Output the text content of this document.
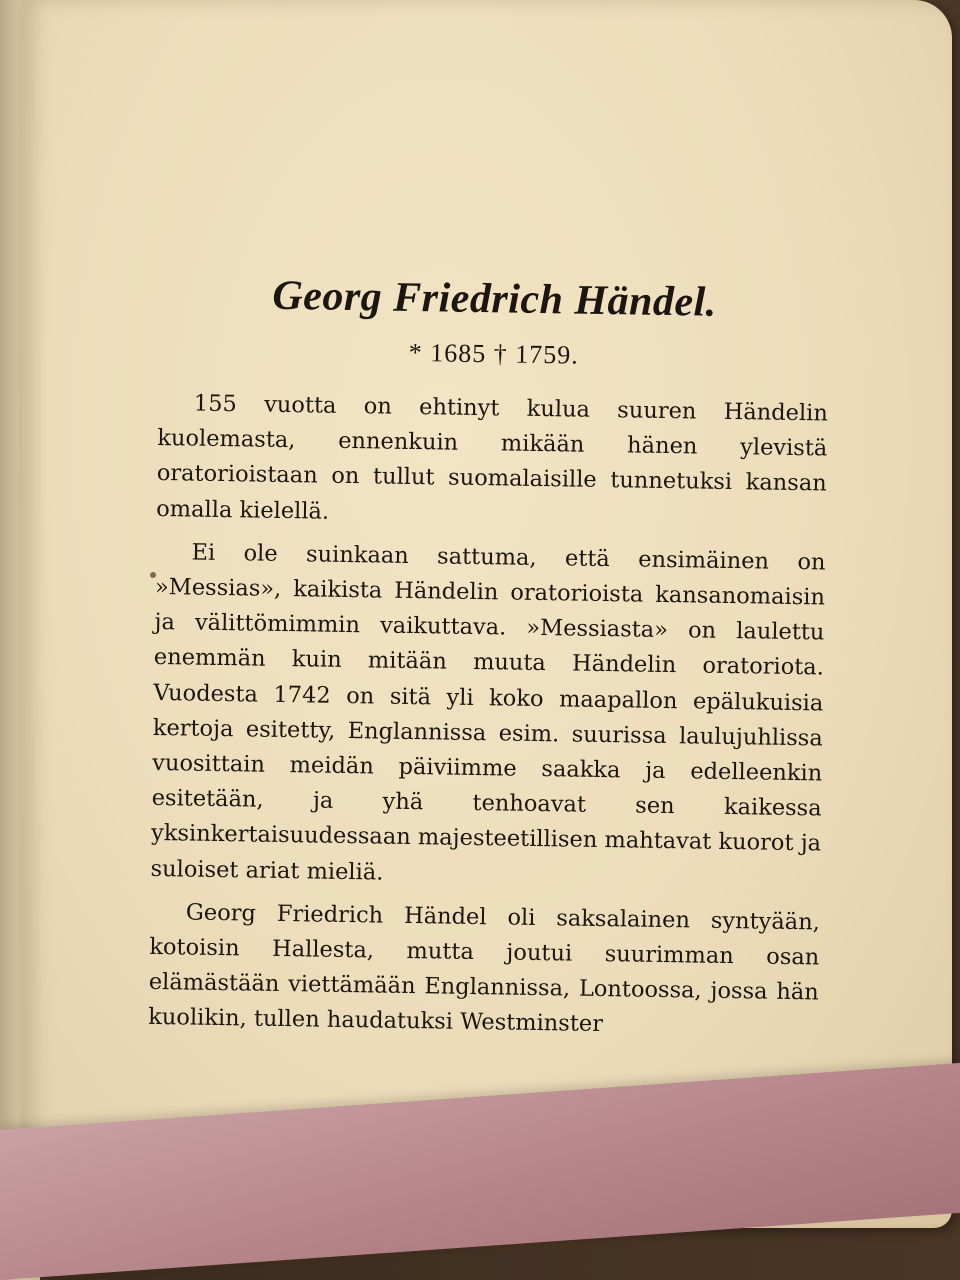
Georg Friedrich Händel.
* 1685 † 1759.

155 vuotta on ehtinyt kulua suuren Händelin kuolemasta, ennenkuin mikään hänen ylevistä oratorioistaan on tullut suomalaisille tunnetuksi kansan omalla kielellä.

Ei ole suinkaan sattuma, että ensimäinen on »Messias», kaikista Händelin oratorioista kansanomaisin ja välittömimmin vaikuttava. »Messiasta» on laulettu enemmän kuin mitään muuta Händelin oratoriota. Vuodesta 1742 on sitä yli koko maapallon epälukuisia kertoja esitetty, Englannissa esim. suurissa laulujuhlissa vuosittain meidän päiviimme saakka ja edelleenkin esitetään, ja yhä tenhoavat sen kaikessa yksinkertaisuudessaan majesteetillisen mahtavat kuorot ja suloiset ariat mieliä.

Georg Friedrich Händel oli saksalainen syntyään, kotoisin Hallesta, mutta joutui suurimman osan elämästään viettämään Englannissa, Lontoossa, jossa hän kuolikin, tullen haudatuksi Westminster
